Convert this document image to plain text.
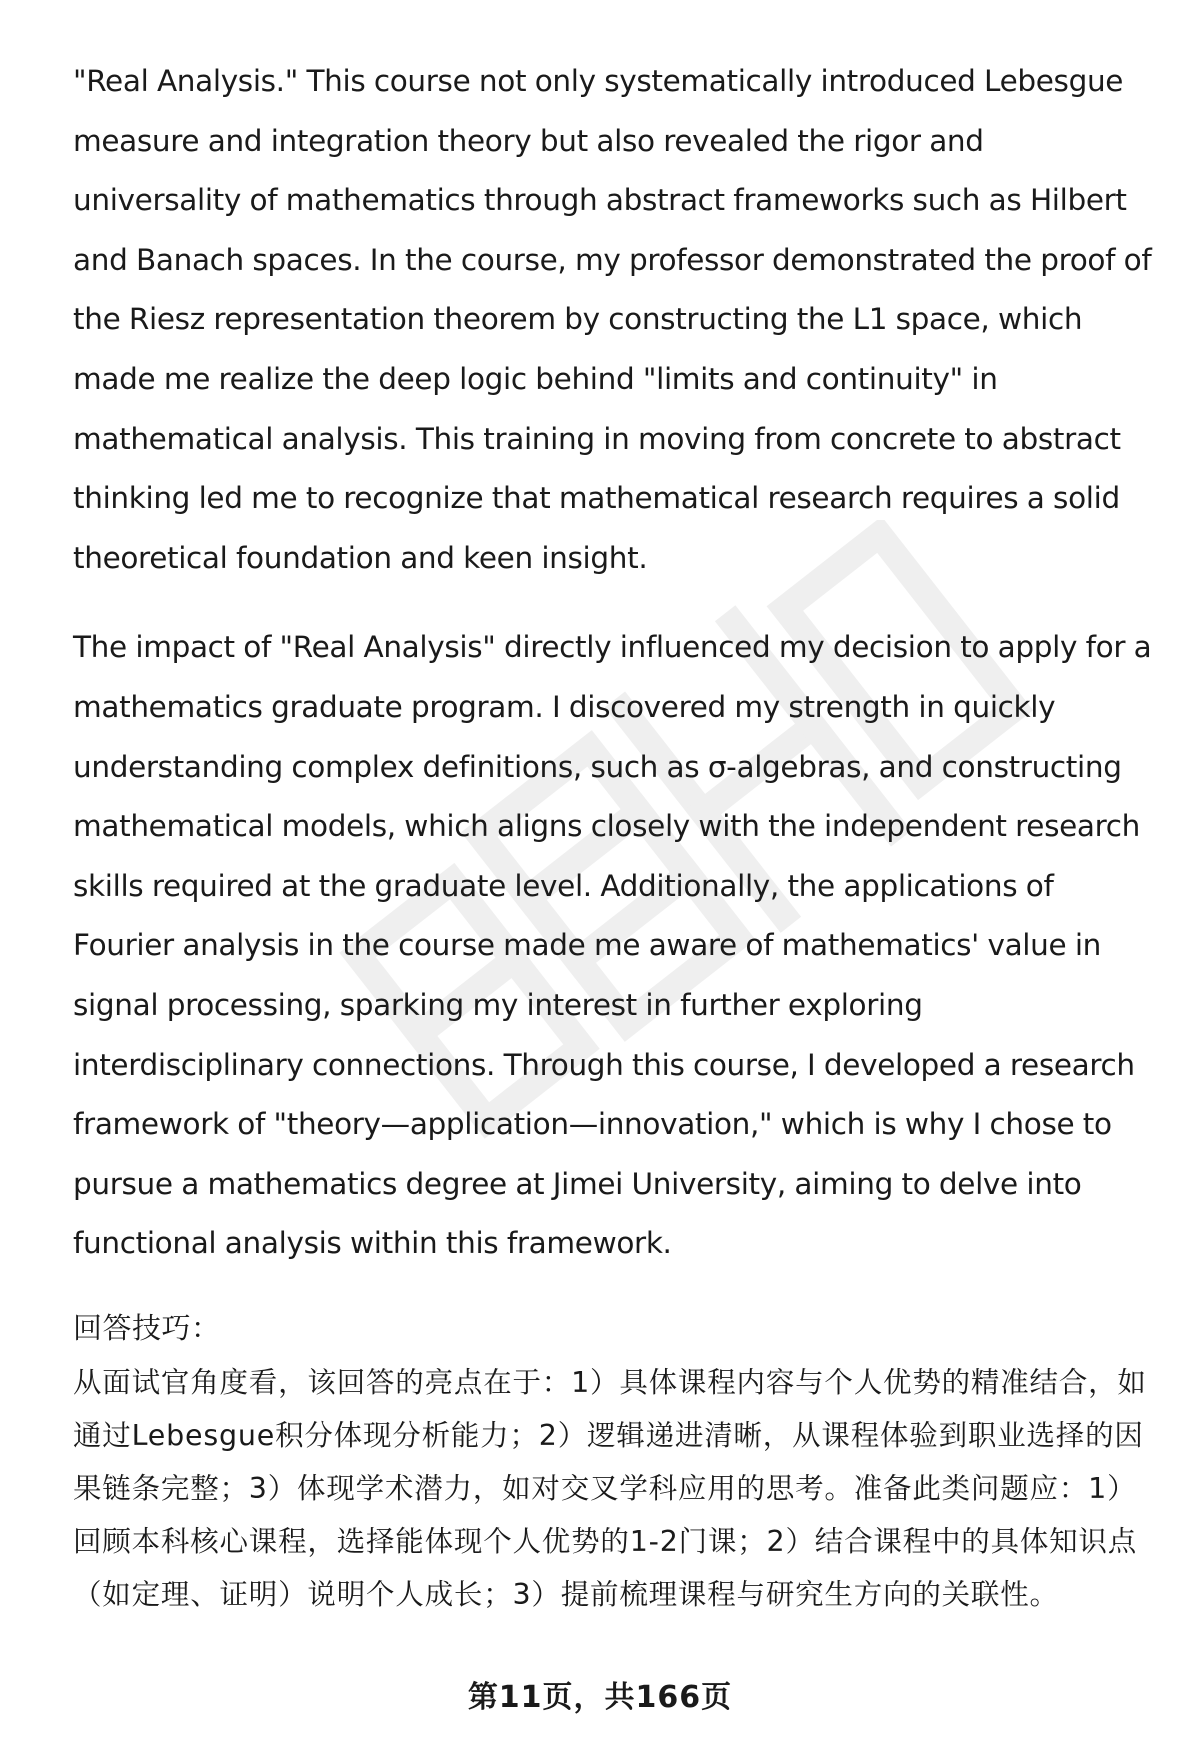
"Real Analysis." This course not only systematically introduced Lebesgue measure and integration theory but also revealed the rigor and universality of mathematics through abstract frameworks such as Hilbert and Banach spaces. In the course, my professor demonstrated the proof of the Riesz representation theorem by constructing the L1 space, which made me realize the deep logic behind "limits and continuity" in mathematical analysis. This training in moving from concrete to abstract thinking led me to recognize that mathematical research requires a solid theoretical foundation and keen insight.

The impact of "Real Analysis" directly influenced my decision to apply for a mathematics graduate program. I discovered my strength in quickly understanding complex definitions, such as σ-algebras, and constructing mathematical models, which aligns closely with the independent research skills required at the graduate level. Additionally, the applications of Fourier analysis in the course made me aware of mathematics' value in signal processing, sparking my interest in further exploring interdisciplinary connections. Through this course, I developed a research framework of "theory—application—innovation," which is why I chose to pursue a mathematics degree at Jimei University, aiming to delve into functional analysis within this framework.

回答技巧：

从面试官角度看，该回答的亮点在于：1）具体课程内容与个人优势的精准结合，如通过Lebesgue积分体现分析能力；2）逻辑递进清晰，从课程体验到职业选择的因果链条完整；3）体现学术潜力，如对交叉学科应用的思考。准备此类问题应：1）回顾本科核心课程，选择能体现个人优势的1-2门课；2）结合课程中的具体知识点（如定理、证明）说明个人成长；3）提前梳理课程与研究生方向的关联性。

第11页，共166页
